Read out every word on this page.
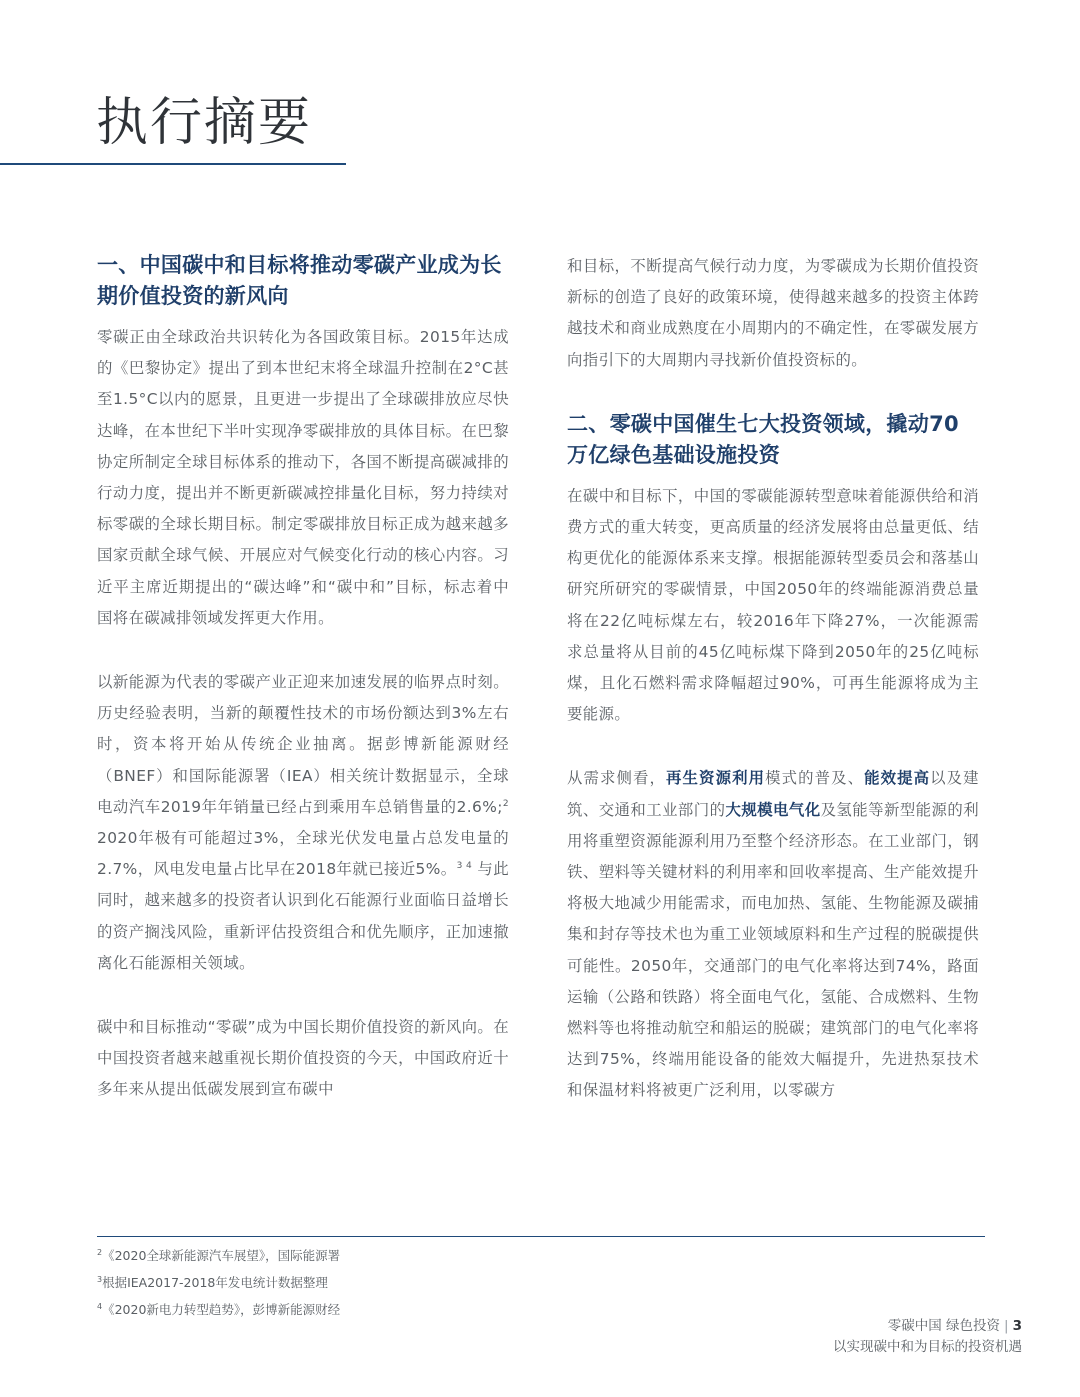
执行摘要
一、中国碳中和目标将推动零碳产业成为长期价值投资的新风向

零碳正由全球政治共识转化为各国政策目标。2015年达成的《巴黎协定》提出了到本世纪末将全球温升控制在2°C甚至1.5°C以内的愿景，且更进一步提出了全球碳排放应尽快达峰，在本世纪下半叶实现净零碳排放的具体目标。在巴黎协定所制定全球目标体系的推动下，各国不断提高碳减排的行动力度，提出并不断更新碳减控排量化目标，努力持续对标零碳的全球长期目标。制定零碳排放目标正成为越来越多国家贡献全球气候、开展应对气候变化行动的核心内容。习近平主席近期提出的“碳达峰”和“碳中和”目标，标志着中国将在碳减排领域发挥更大作用。

以新能源为代表的零碳产业正迎来加速发展的临界点时刻。历史经验表明，当新的颠覆性技术的市场份额达到3%左右时，资本将开始从传统企业抽离。据彭博新能源财经（BNEF）和国际能源署（IEA）相关统计数据显示，全球电动汽车2019年年销量已经占到乘用车总销售量的2.6%;$^2$ 2020年极有可能超过3%，全球光伏发电量占总发电量的2.7%，风电发电量占比早在2018年就已接近5%。$^{3 4}$ 与此同时，越来越多的投资者认识到化石能源行业面临日益增长的资产搁浅风险，重新评估投资组合和优先顺序，正加速撤离化石能源相关领域。

碳中和目标推动“零碳”成为中国长期价值投资的新风向。在中国投资者越来越重视长期价值投资的今天，中国政府近十多年来从提出低碳发展到宣布碳中

和目标，不断提高气候行动力度，为零碳成为长期价值投资新标的创造了良好的政策环境，使得越来越多的投资主体跨越技术和商业成熟度在小周期内的不确定性，在零碳发展方向指引下的大周期内寻找新价值投资标的。

二、零碳中国催生七大投资领域，撬动70万亿绿色基础设施投资

在碳中和目标下，中国的零碳能源转型意味着能源供给和消费方式的重大转变，更高质量的经济发展将由总量更低、结构更优化的能源体系来支撑。根据能源转型委员会和落基山研究所研究的零碳情景，中国2050年的终端能源消费总量将在22亿吨标煤左右，较2016年下降27%，一次能源需求总量将从目前的45亿吨标煤下降到2050年的25亿吨标煤，且化石燃料需求降幅超过90%，可再生能源将成为主要能源。

从需求侧看，再生资源利用模式的普及、能效提高以及建筑、交通和工业部门的大规模电气化及氢能等新型能源的利用将重塑资源能源利用乃至整个经济形态。在工业部门，钢铁、塑料等关键材料的利用率和回收率提高、生产能效提升将极大地减少用能需求，而电加热、氢能、生物能源及碳捕集和封存等技术也为重工业领域原料和生产过程的脱碳提供可能性。2050年，交通部门的电气化率将达到74%，路面运输（公路和铁路）将全面电气化，氢能、合成燃料、生物燃料等也将推动航空和船运的脱碳；建筑部门的电气化率将达到75%，终端用能设备的能效大幅提升，先进热泵技术和保温材料将被更广泛利用，以零碳方

$^2$《2020全球新能源汽车展望》，国际能源署
$^3$根据IEA2017-2018年发电统计数据整理
$^4$《2020新电力转型趋势》，彭博新能源财经
零碳中国 绿色投资 | 3
以实现碳中和为目标的投资机遇
